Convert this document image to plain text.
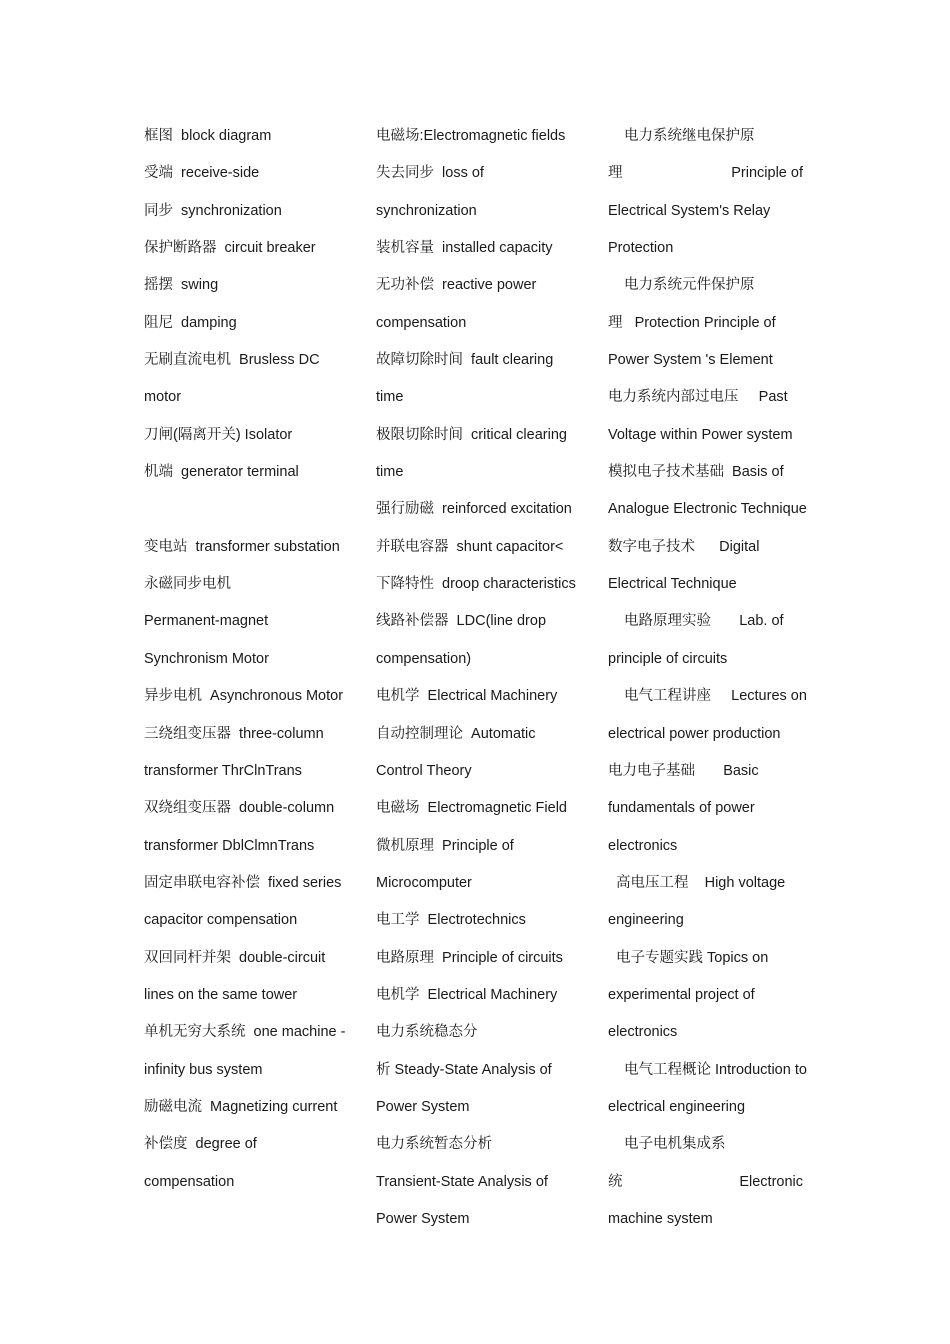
框图  block diagram
受端  receive-side
同步  synchronization
保护断路器  circuit breaker
摇摆  swing
阻尼  damping
无刷直流电机  Brusless DC
motor
刀闸(隔离开关) Isolator
机端  generator terminal
变电站  transformer substation
永磁同步电机
Permanent-magnet
Synchronism Motor
异步电机  Asynchronous Motor
三绕组变压器  three-column
transformer ThrClnTrans
双绕组变压器  double-column
transformer DblClmnTrans
固定串联电容补偿  fixed series
capacitor compensation
双回同杆并架  double-circuit
lines on the same tower
单机无穷大系统  one machine -
infinity bus system
励磁电流  Magnetizing current
补偿度  degree of
compensation
电磁场:Electromagnetic fields
失去同步  loss of
synchronization
装机容量  installed capacity
无功补偿  reactive power
compensation
故障切除时间  fault clearing
time
极限切除时间  critical clearing
time
强行励磁  reinforced excitation
并联电容器  shunt capacitor<
下降特性  droop characteristics
线路补偿器  LDC(line drop
compensation)
电机学  Electrical Machinery
自动控制理论  Automatic
Control Theory
电磁场  Electromagnetic Field
微机原理  Principle of
Microcomputer
电工学  Electrotechnics
电路原理  Principle of circuits
电机学  Electrical Machinery
电力系统稳态分
析 Steady-State Analysis of
Power System
电力系统暂态分析
Transient-State Analysis of
Power System
电力系统继电保护原
理	Principle of
Electrical System's Relay
Protection
电力系统元件保护原
理   Protection Principle of
Power System 's Element
电力系统内部过电压     Past
Voltage within Power system
模拟电子技术基础  Basis of
Analogue Electronic Technique
数字电子技术      Digital
Electrical Technique
电路原理实验       Lab. of
principle of circuits
电气工程讲座     Lectures on
electrical power production
电力电子基础       Basic
fundamentals of power
electronics
高电压工程    High voltage
engineering
电子专题实践 Topics on
experimental project of
electronics
电气工程概论 Introduction to
electrical engineering
电子电机集成系
统	Electronic
machine system
